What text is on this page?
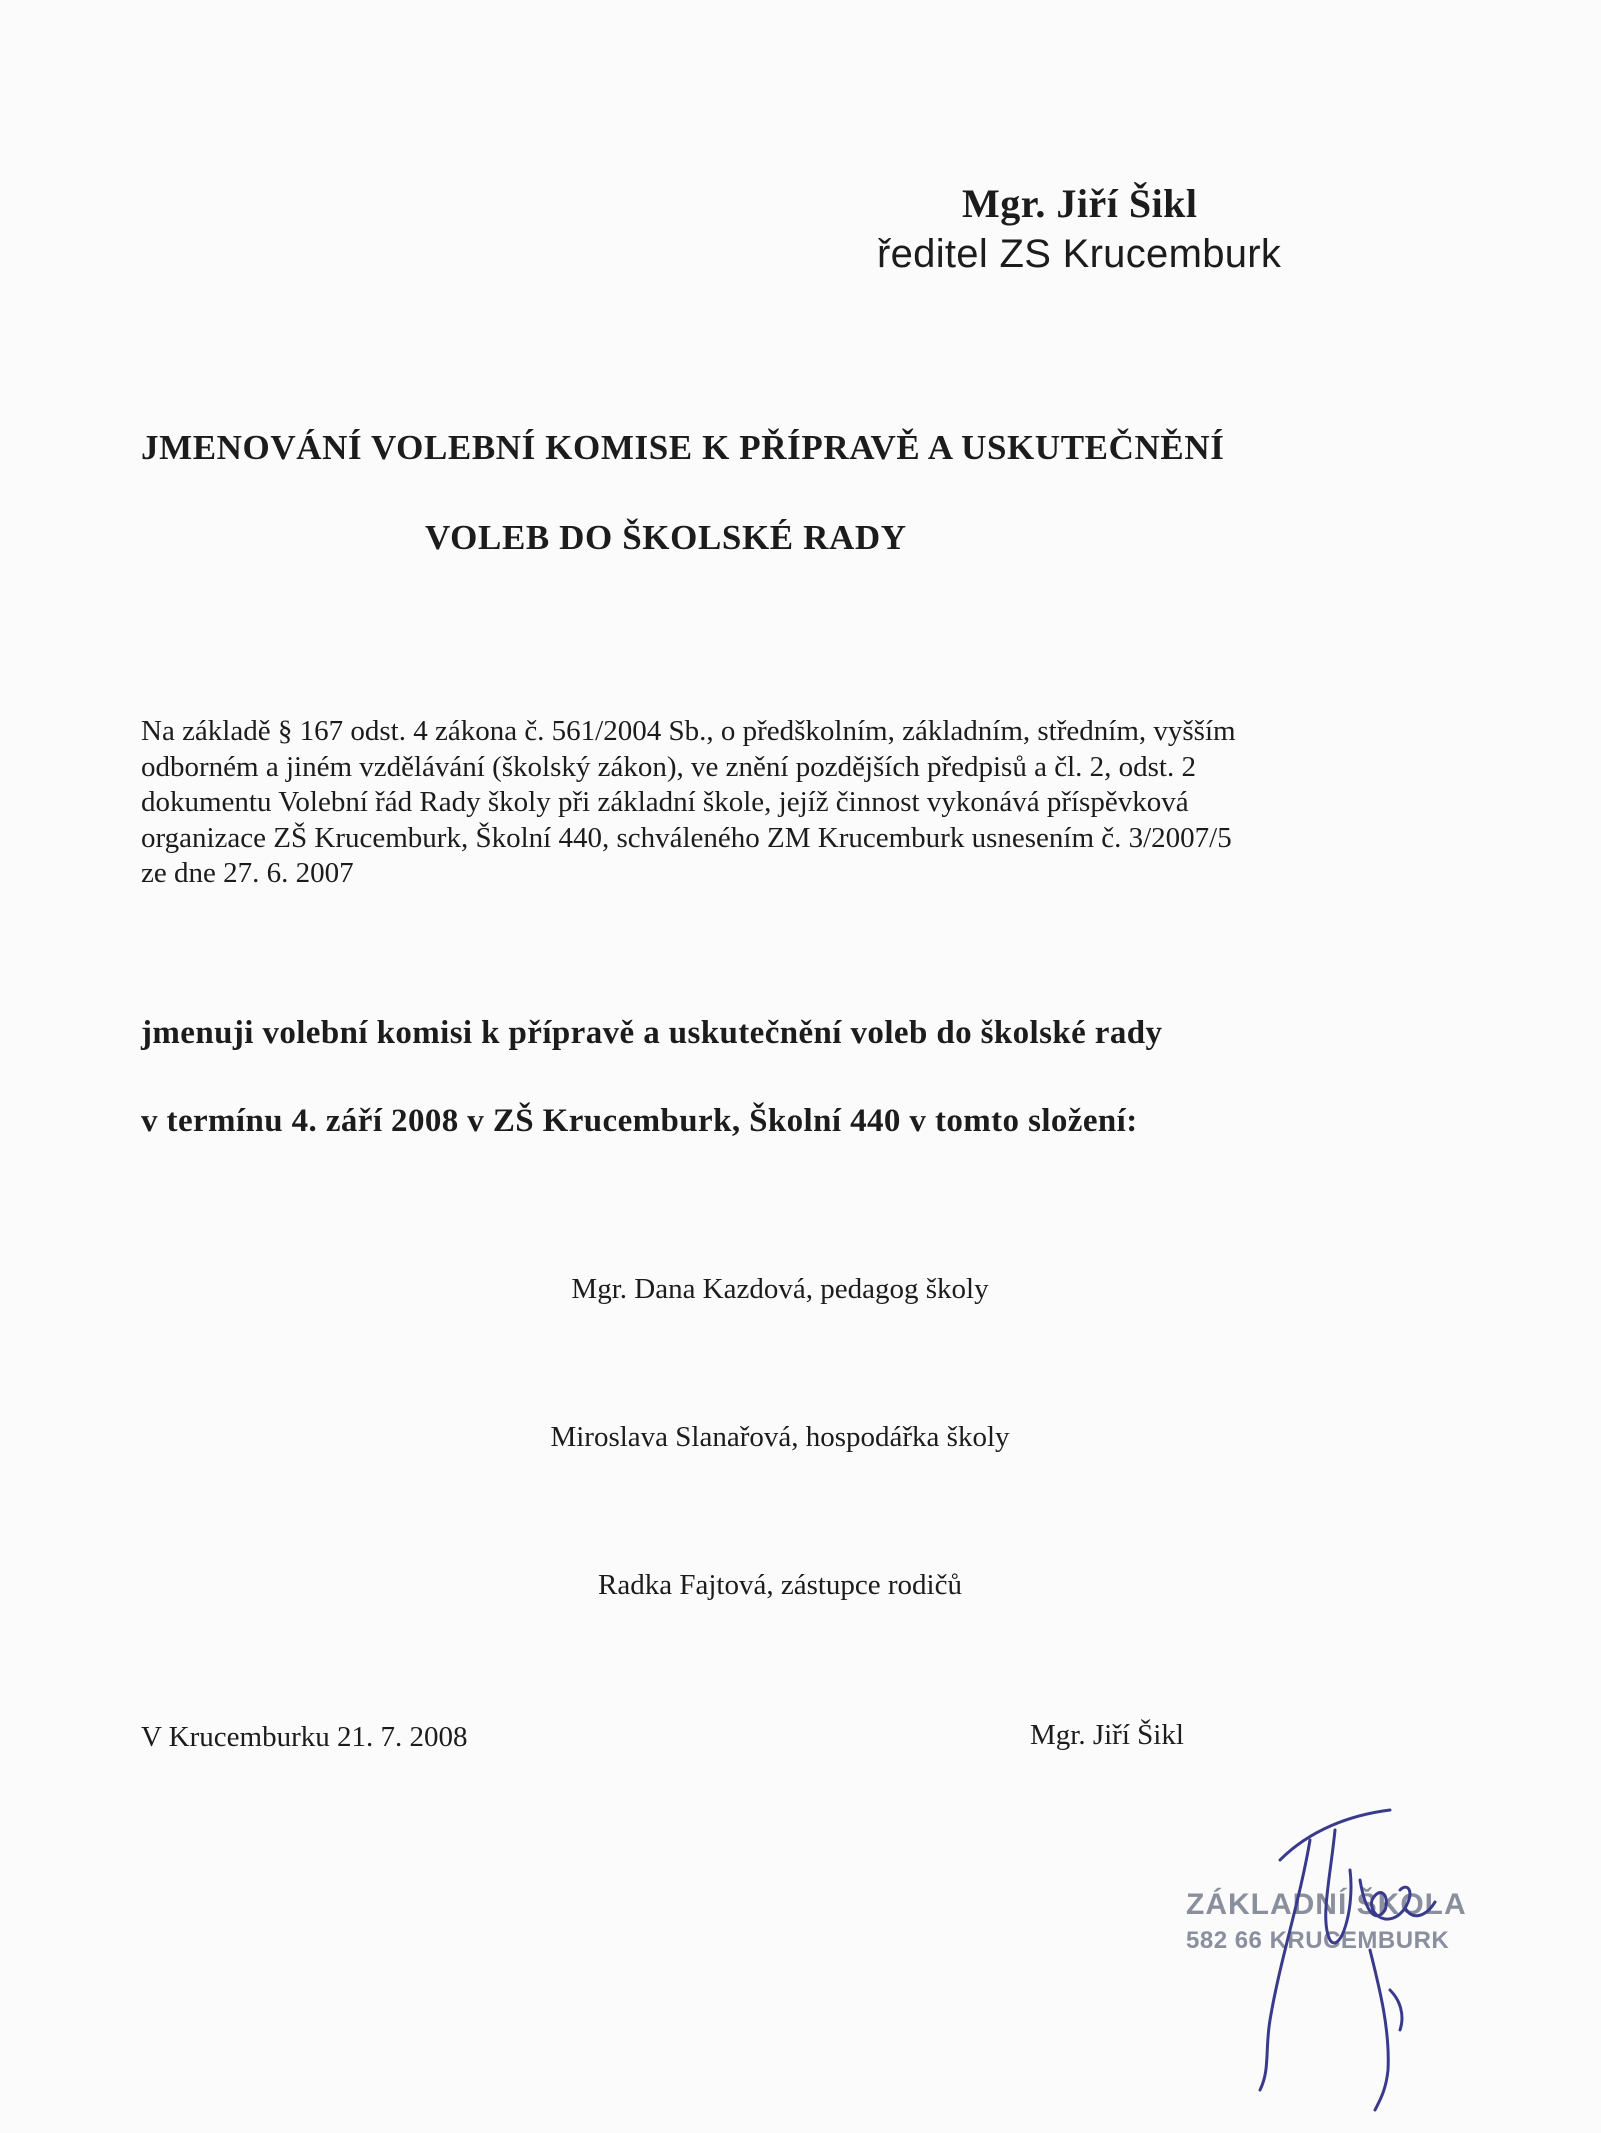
Mgr. Jiří Šikl

ředitel ZS Krucemburk

JMENOVÁNÍ VOLEBNÍ KOMISE K PŘÍPRAVĚ A USKUTEČNĚNÍ
VOLEB DO ŠKOLSKÉ RADY
Na základě § 167 odst. 4 zákona č. 561/2004 Sb., o předškolním, základním, středním, vyšším
odborném a jiném vzdělávání (školský zákon), ve znění pozdějších předpisů a čl. 2, odst. 2
dokumentu Volební řád Rady školy při základní škole, jejíž činnost vykonává příspěvková
organizace ZŠ Krucemburk, Školní 440, schváleného ZM Krucemburk usnesením č. 3/2007/5
ze dne 27. 6. 2007

jmenuji volební komisi k přípravě a uskutečnění voleb do školské rady

v termínu 4. září 2008 v ZŠ Krucemburk, Školní 440 v tomto složení:

Mgr. Dana Kazdová, pedagog školy

Miroslava Slanařová, hospodářka školy

Radka Fajtová, zástupce rodičů

V Krucemburku 21. 7. 2008	Mgr. Jiří Šikl

ZÁKLADNÍ ŠKOLA
582 66 KRUCEMBURK
